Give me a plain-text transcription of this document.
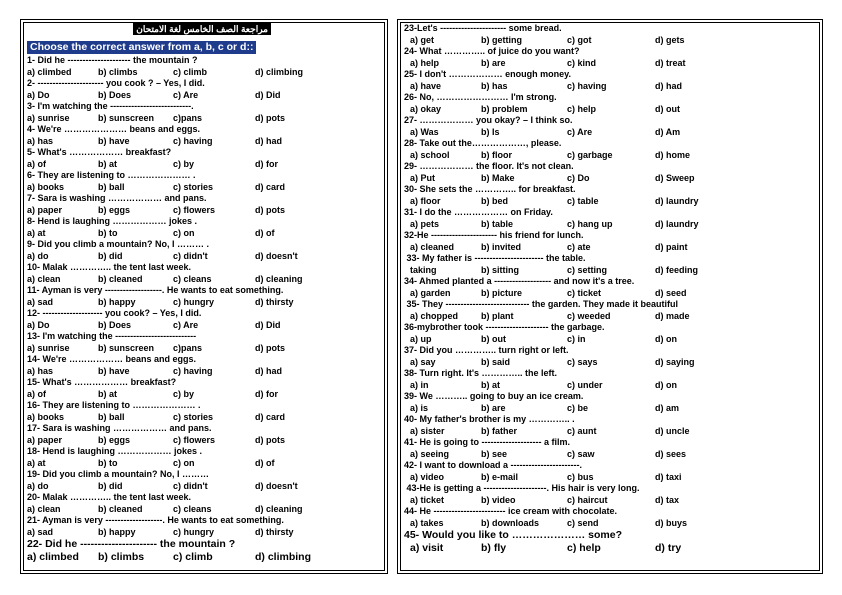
مراجعة الصف الخامس لغة الامتحان
Choose the correct answer from a, b, c or d::
1- Did he --------------------- the mountain ?
a) climbed	b) climbs	c) climb	d) climbing
2- ---------------------- you cook ? – Yes, I did.
a) Do	b) Does	c) Are	d) Did
3- I'm watching the ---------------------------.
a) sunrise	b) sunscreen c)pans	d) pots
4- We're ………………… beans and eggs.
a) has	b) have	c) having	d) had
5- What's ……………… breakfast?
a) of	b) at	c) by	d) for
6- They are listening to ………………… .
a) books	b) ball	c) stories	d) card
7- Sara is washing ……………… and pans.
a) paper	b) eggs	c) flowers	d) pots
8- Hend is laughing ……………… jokes .
a) at	b) to	c) on	d) of
9- Did you climb a mountain? No, I ……… .
a) do	b) did	c) didn't	d) doesn't
10- Malak ………….. the tent last week.
a) clean	b) cleaned	c) cleans	d) cleaning
11- Ayman is very -------------------. He wants to eat something.
a) sad	b) happy	c) hungry	d) thirsty
12- -------------------- you cook? – Yes, I did.
a) Do	b) Does	c) Are	d) Did
13- I'm watching the ---------------------------
a) sunrise	b) sunscreen c)pans	d) pots
14- We're ……………… beans and eggs.
a) has	b) have	c) having	d) had
15- What's ……………… breakfast?
a) of	b) at	c) by	d) for
16- They are listening to ………………… .
a) books	b) ball	c) stories	d) card
17- Sara is washing ……………… and pans.
a) paper	b) eggs	c) flowers	d) pots
18- Hend is laughing ……………… jokes .
a) at	b) to	c) on	d) of
19- Did you climb a mountain? No, I ………
a) do	b) did	c) didn't	d) doesn't
20- Malak ………….. the tent last week.
a) clean	b) cleaned	c) cleans	d) cleaning
21- Ayman is very -------------------. He wants to eat something.
a) sad	b) happy	c) hungry	d) thirsty
22- Did he ---------------------- the mountain ?
a) climbed b) climbs	c) climb	d) climbing
23-Let's ---------------------- some bread.
a) get	b) getting	c) got	d) gets
24- What ………….. of juice do you want?
a) help	b) are	c) kind	d) treat
25- I don't ……………… enough money.
a) have	b) has	c) having	d) had
26- No, …………………… I'm strong.
a) okay	b) problem	c) help	d) out
27- ……………… you okay? – I think so.
a) Was	b) Is	c) Are	d) Am
28- Take out the………………, please.
a) school	b) floor	c) garbage	d) home
29- ……………… the floor. It's not clean.
a) Put	b) Make	c) Do	d) Sweep
30- She sets the ………….. for breakfast.
a) floor	b) bed	c) table	d) laundry
31- I do the ……………… on Friday.
a) pets	b) table	c) hang up	d) laundry
32-He ---------------------- his friend for lunch.
a) cleaned	b) invited	c) ate	d) paint
33- My father is ----------------------- the table.
taking	b) sitting	c) setting	d) feeding
34- Ahmed planted a ------------------- and now it's a tree.
a) garden	b) picture	c) ticket	d) seed
35- They ---------------------------- the garden. They made it beautiful
a) chopped	b) plant	c) weeded	d) made
36-mybrother took --------------------- the garbage.
a) up	b) out	c) in	d) on
37- Did you ………….. turn right or left.
a) say	b) said	c) says	d) saying
38- Turn right. It's ………….. the left.
a) in	b) at	c) under	d) on
39- We ……….. going to buy an ice cream.
a) is	b) are	c) be	d) am
40- My father's brother is my ………….. .
a) sister	b) father	c) aunt	d) uncle
41- He is going to -------------------- a film.
a) seeing	b) see	c) saw	d) sees
42- I want to download a -----------------------.
a) video	b) e-mail	c) bus	d) taxi
43-He is getting a ---------------------. His hair is very long.
a) ticket	b) video	c) haircut	d) tax
44- He ------------------------ ice cream with chocolate.
a) takes	b) downloads	c) send	d) buys
45- Would you like to ………………… some?
a) visit	b) fly	c) help	d) try
